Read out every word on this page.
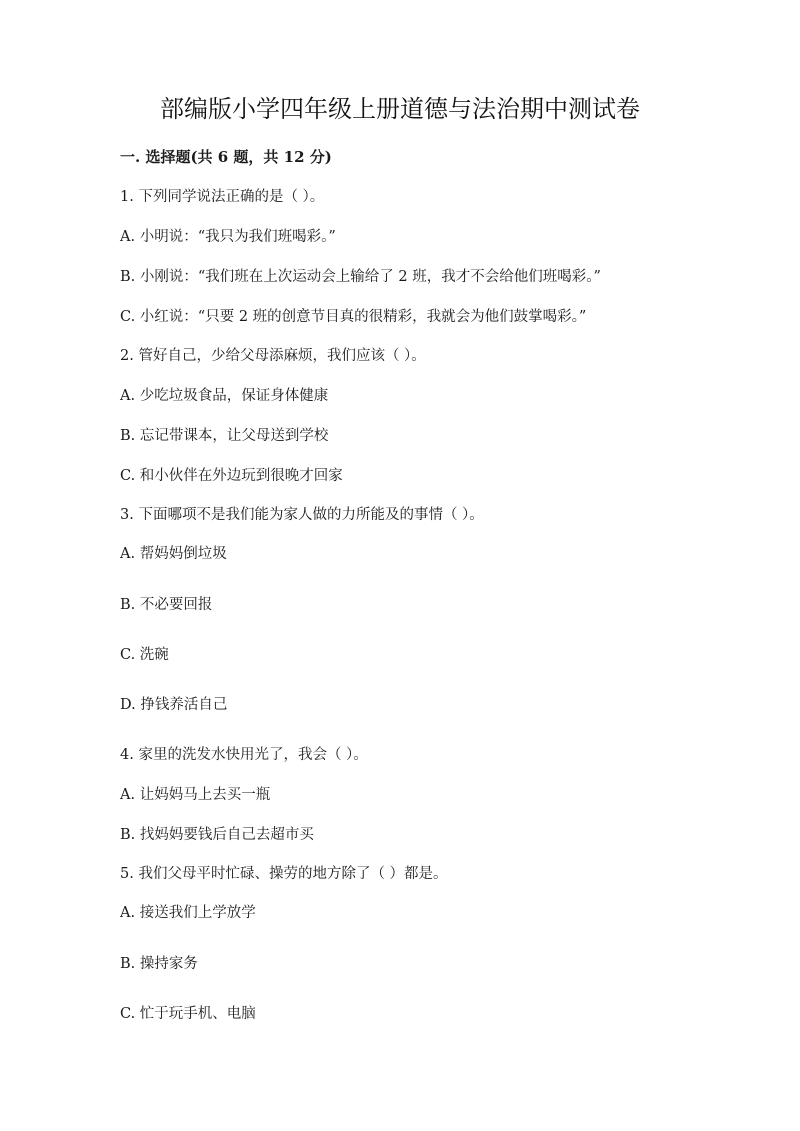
部编版小学四年级上册道德与法治期中测试卷
一. 选择题(共 6 题，共 12 分)
1. 下列同学说法正确的是（ ）。
A. 小明说：“我只为我们班喝彩。”
B. 小刚说：“我们班在上次运动会上输给了 2 班，我才不会给他们班喝彩。”
C. 小红说：“只要 2 班的创意节目真的很精彩，我就会为他们鼓掌喝彩。”
2. 管好自己，少给父母添麻烦，我们应该（ ）。
A. 少吃垃圾食品，保证身体健康
B. 忘记带课本，让父母送到学校
C. 和小伙伴在外边玩到很晚才回家
3. 下面哪项不是我们能为家人做的力所能及的事情（ ）。
A. 帮妈妈倒垃圾
B. 不必要回报
C. 洗碗
D. 挣钱养活自己
4. 家里的洗发水快用光了，我会（ ）。
A. 让妈妈马上去买一瓶
B. 找妈妈要钱后自己去超市买
5. 我们父母平时忙碌、操劳的地方除了（ ）都是。
A. 接送我们上学放学
B. 操持家务
C. 忙于玩手机、电脑
